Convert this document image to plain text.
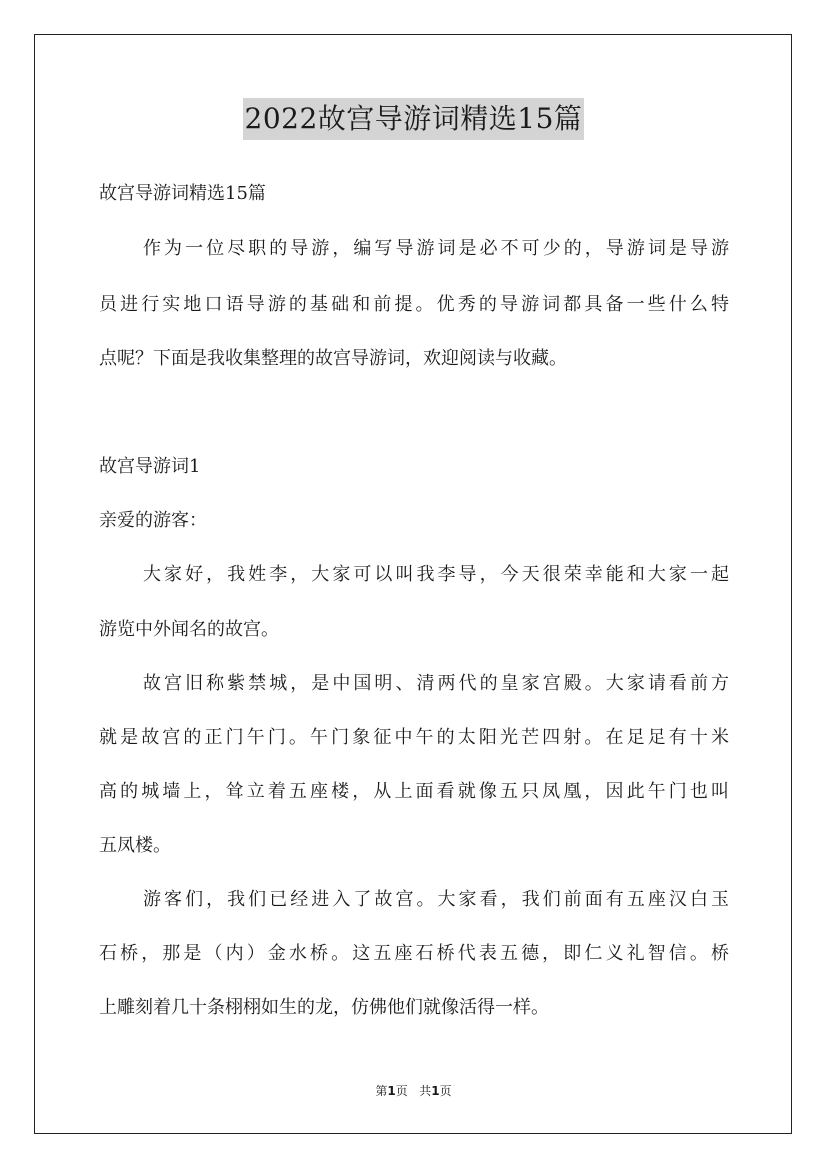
2022故宫导游词精选15篇
故宫导游词精选15篇
作为一位尽职的导游，编写导游词是必不可少的，导游词是导游
员进行实地口语导游的基础和前提。优秀的导游词都具备一些什么特
点呢？下面是我收集整理的故宫导游词，欢迎阅读与收藏。
故宫导游词1
亲爱的游客：
大家好，我姓李，大家可以叫我李导，今天很荣幸能和大家一起
游览中外闻名的故宫。
故宫旧称紫禁城，是中国明、清两代的皇家宫殿。大家请看前方
就是故宫的正门午门。午门象征中午的太阳光芒四射。在足足有十米
高的城墙上，耸立着五座楼，从上面看就像五只凤凰，因此午门也叫
五凤楼。
游客们，我们已经进入了故宫。大家看，我们前面有五座汉白玉
石桥，那是（内）金水桥。这五座石桥代表五德，即仁义礼智信。桥
上雕刻着几十条栩栩如生的龙，仿佛他们就像活得一样。
第1页 共1页
